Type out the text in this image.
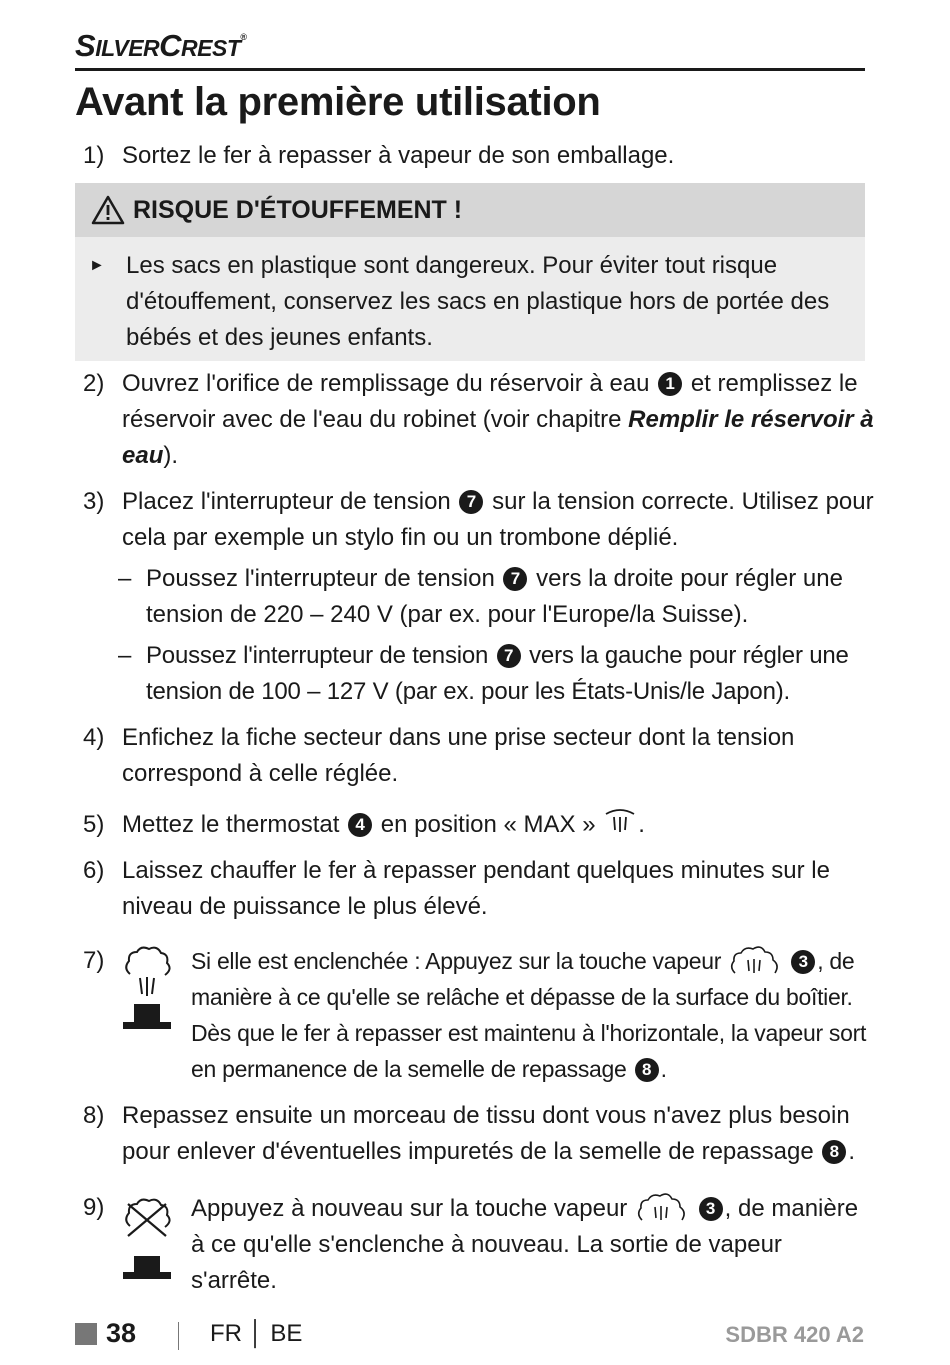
SILVERCREST®
Avant la première utilisation
1) Sortez le fer à repasser à vapeur de son emballage.
RISQUE D'ÉTOUFFEMENT !
► Les sacs en plastique sont dangereux. Pour éviter tout risque d'étouffement, conservez les sacs en plastique hors de portée des bébés et des jeunes enfants.
2) Ouvrez l'orifice de remplissage du réservoir à eau 1 et remplissez le réservoir avec de l'eau du robinet (voir chapitre Remplir le réservoir à eau).
3) Placez l'interrupteur de tension 7 sur la tension correcte. Utilisez pour cela par exemple un stylo fin ou un trombone déplié.
– Poussez l'interrupteur de tension 7 vers la droite pour régler une tension de 220 – 240 V (par ex. pour l'Europe/la Suisse).
– Poussez l'interrupteur de tension 7 vers la gauche pour régler une tension de 100 – 127 V (par ex. pour les États-Unis/le Japon).
4) Enfichez la fiche secteur dans une prise secteur dont la tension correspond à celle réglée.
5) Mettez le thermostat 4 en position « MAX » .
6) Laissez chauffer le fer à repasser pendant quelques minutes sur le niveau de puissance le plus élevé.
7)	Si elle est enclenchée : Appuyez sur la touche vapeur	3 , de manière à ce qu'elle se relâche et dépasse de la surface du boîtier. Dès que le fer à repasser est maintenu à l'horizontale, la vapeur sort en permanence de la semelle de repassage 8 .
8) Repassez ensuite un morceau de tissu dont vous n'avez plus besoin pour enlever d'éventuelles impuretés de la semelle de repassage 8 .
9)	Appuyez à nouveau sur la touche vapeur	3 , de manière à ce qu'elle s'enclenche à nouveau. La sortie de vapeur s'arrête.
38	FR │ BE	SDBR 420 A2
